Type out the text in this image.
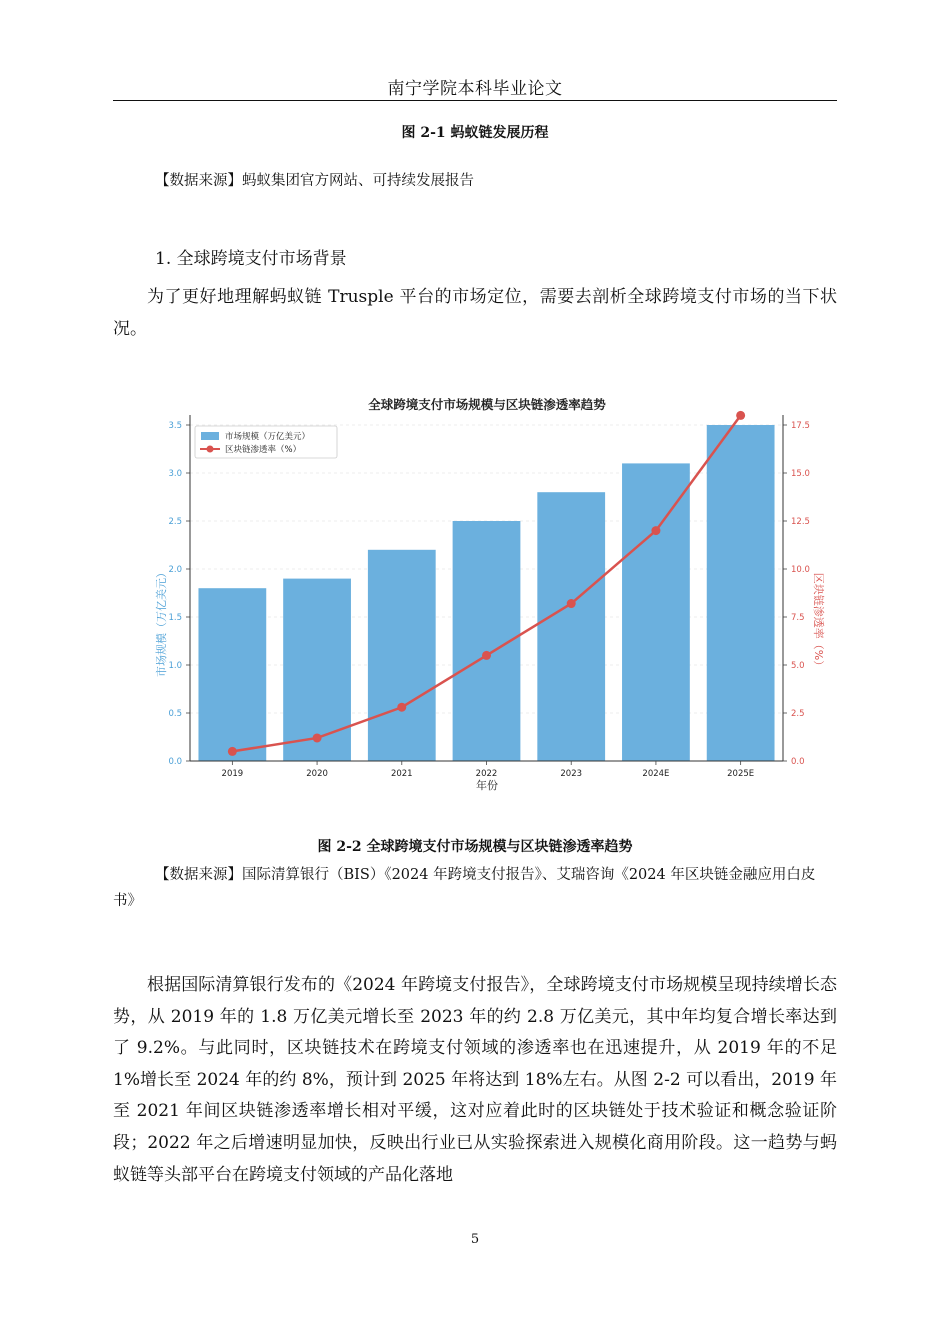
南宁学院本科毕业论文
图 2-1 蚂蚁链发展历程
【数据来源】蚂蚁集团官方网站、可持续发展报告
1. 全球跨境支付市场背景

为了更好地理解蚂蚁链 Trusple 平台的市场定位，需要去剖析全球跨境支付市场的当下状况。

全球跨境支付市场规模与区块链渗透率趋势
0.0
0.5
1.0
1.5
2.0
2.5
3.0
3.5
0.0
2.5
5.0
7.5
10.0
12.5
15.0
17.5
2019	2020	2021	2022	2023	2024E	2025E
年份
市场规模（万亿美元）	区块链渗透率（%）
市场规模（万亿美元）
区块链渗透率（%）
图 2-2 全球跨境支付市场规模与区块链渗透率趋势
【数据来源】国际清算银行（BIS）《2024 年跨境支付报告》、艾瑞咨询《2024 年区块链金融应用白皮书》

根据国际清算银行发布的《2024 年跨境支付报告》，全球跨境支付市场规模呈现持续增长态势，从 2019 年的 1.8 万亿美元增长至 2023 年的约 2.8 万亿美元，其中年均复合增长率达到了 9.2%。与此同时，区块链技术在跨境支付领域的渗透率也在迅速提升，从 2019 年的不足 1%增长至 2024 年的约 8%，预计到 2025 年将达到 18%左右。从图 2-2 可以看出，2019 年至 2021 年间区块链渗透率增长相对平缓，这对应着此时的区块链处于技术验证和概念验证阶段；2022 年之后增速明显加快，反映出行业已从实验探索进入规模化商用阶段。这一趋势与蚂蚁链等头部平台在跨境支付领域的产品化落地

5
